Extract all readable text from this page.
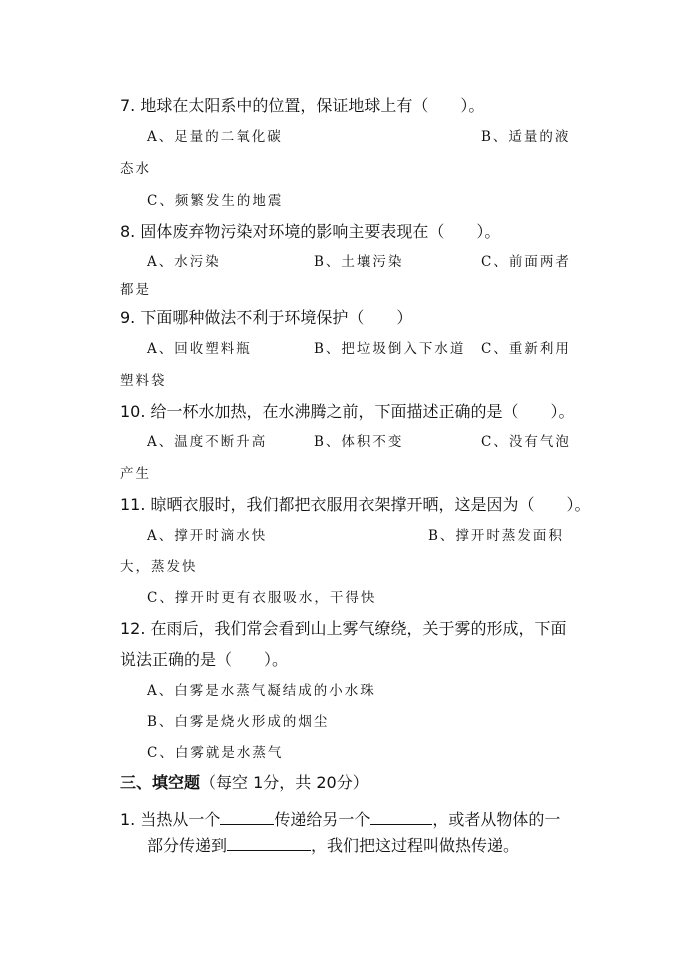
7. 地球在太阳系中的位置，保证地球上有（　　）。
A、足量的二氧化碳	B、适量的液
态水
C、频繁发生的地震
8. 固体废弃物污染对环境的影响主要表现在（　　）。
A、水污染	B、土壤污染	C、前面两者
都是
9. 下面哪种做法不利于环境保护（　　）
A、回收塑料瓶	B、把垃圾倒入下水道 C、重新利用
塑料袋
10. 给一杯水加热，在水沸腾之前，下面描述正确的是（　　）。
A、温度不断升高	B、体积不变	C、没有气泡
产生
11. 晾晒衣服时，我们都把衣服用衣架撑开晒，这是因为（　　）。
A、撑开时滴水快	B、撑开时蒸发面积
大，蒸发快
C、撑开时更有衣服吸水，干得快
12. 在雨后，我们常会看到山上雾气缭绕，关于雾的形成，下面
说法正确的是（　　）。
A、白雾是水蒸气凝结成的小水珠
B、白雾是烧火形成的烟尘
C、白雾就是水蒸气
三、填空题（每空 1分，共 20分）
1. 当热从一个	传递给另一个	，或者从物体的一
部分传递到	，我们把这过程叫做热传递。
